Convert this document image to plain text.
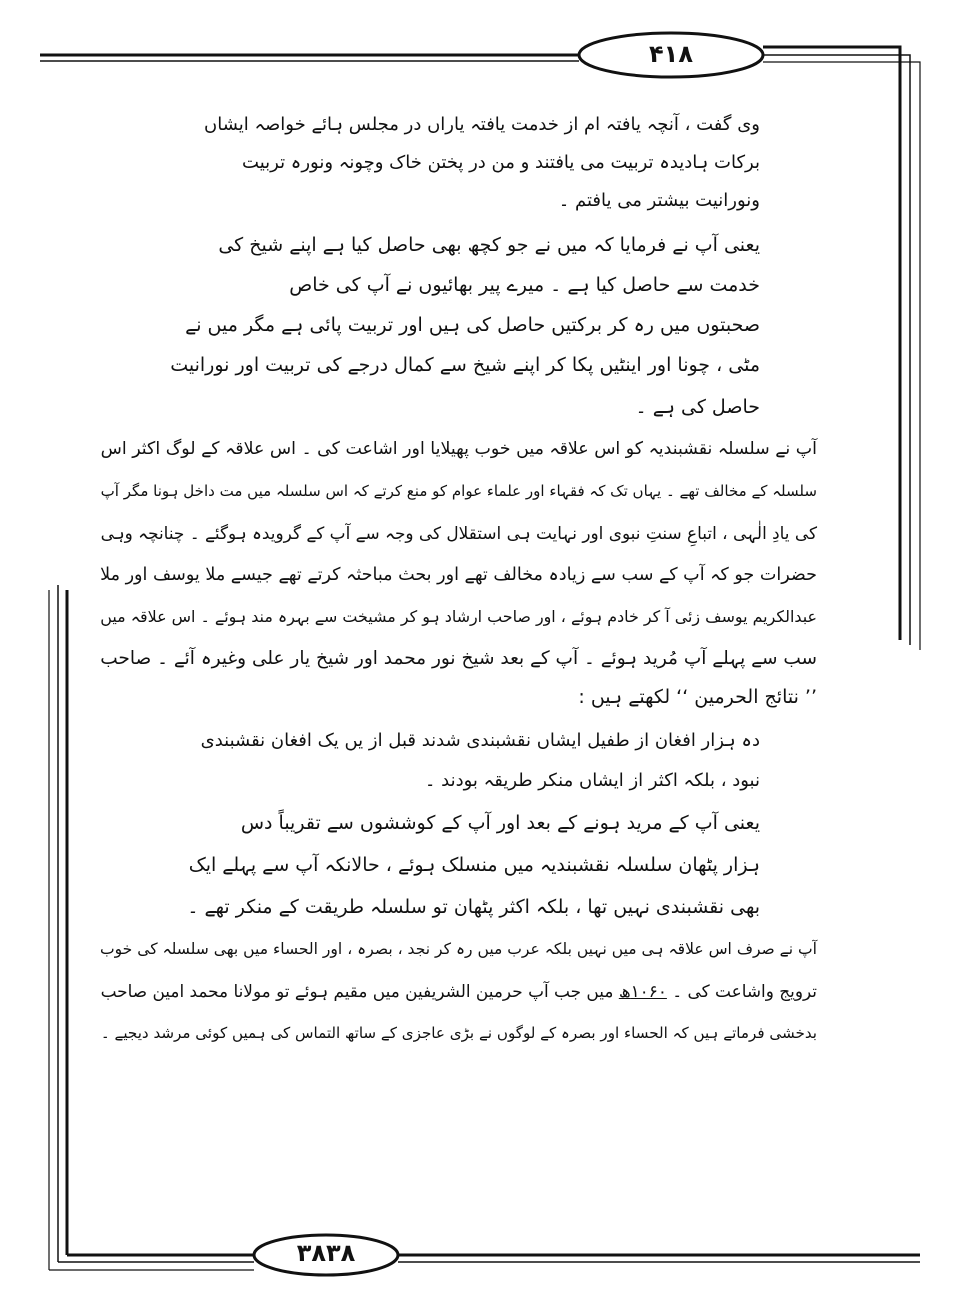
۴۱۸
۳۸۳۸
وی گفت ، آنچہ یافتہ ام از خدمت یافتہ یاراں در مجلس ہائے خواصہ ایشاں
برکات ہادیدہ تربیت می یافتند و من در پختن خاک وچونہ ونورہ تربیت
ونورانیت بیشتر می یافتم ۔
یعنی آپ نے فرمایا کہ میں نے جو کچھ بھی حاصل کیا ہے اپنے شیخ کی
خدمت سے حاصل کیا ہے ۔ میرے پیر بھائیوں نے آپ کی خاص
صحبتوں میں رہ کر برکتیں حاصل کی ہیں اور تربیت پائی ہے مگر میں نے
مٹی ، چونا اور اینٹیں پکا کر اپنے شیخ سے کمال درجے کی تربیت اور نورانیت
حاصل کی ہے ۔
آپ نے سلسلہ نقشبندیہ کو اس علاقہ میں خوب پھیلایا اور اشاعت کی ۔ اس علاقہ کے لوگ اکثر اس
سلسلہ کے مخالف تھے ۔ یہاں تک کہ فقہاء اور علماء عوام کو منع کرتے کہ اس سلسلہ میں مت داخل ہونا مگر آپ
کی یادِ الٰہی ، اتباعِ سنتِ نبوی اور نہایت ہی استقلال کی وجہ سے آپ کے گرویدہ ہوگئے ۔ چنانچہ وہی
حضرات جو کہ آپ کے سب سے زیادہ مخالف تھے اور بحث مباحثہ کرتے تھے جیسے ملا یوسف اور ملا
عبدالکریم یوسف زئی آ کر خادم ہوئے ، اور صاحب ارشاد ہو کر مشیخت سے بہرہ مند ہوئے ۔ اس علاقہ میں
سب سے پہلے آپ مُرید ہوئے ۔ آپ کے بعد شیخ نور محمد اور شیخ یار علی وغیرہ آئے ۔ صاحب
’’ نتائج الحرمین ‘‘ لکھتے ہیں :
دہ ہزار افغان از طفیل ایشاں نقشبندی شدند قبل از یں یک افغان نقشبندی
نبود ، بلکہ اکثر از ایشاں منکر طریقہ بودند ۔
یعنی آپ کے مرید ہونے کے بعد اور آپ کے کوششوں سے تقریباً دس
ہزار پٹھان سلسلہ نقشبندیہ میں منسلک ہوئے ، حالانکہ آپ سے پہلے ایک
بھی نقشبندی نہیں تھا ، بلکہ اکثر پٹھان تو سلسلہ طریقت کے منکر تھے ۔
آپ نے صرف اس علاقہ ہی میں نہیں بلکہ عرب میں رہ کر نجد ، بصرہ ، اور الحساء میں بھی سلسلہ کی خوب
ترویج واشاعت کی ۔ ۱۰۶۰ھ میں جب آپ حرمین الشریفین میں مقیم ہوئے تو مولانا محمد امین صاحب
بدخشی فرماتے ہیں کہ الحساء اور بصرہ کے لوگوں نے بڑی عاجزی کے ساتھ التماس کی ہمیں کوئی مرشد دیجیے ۔
